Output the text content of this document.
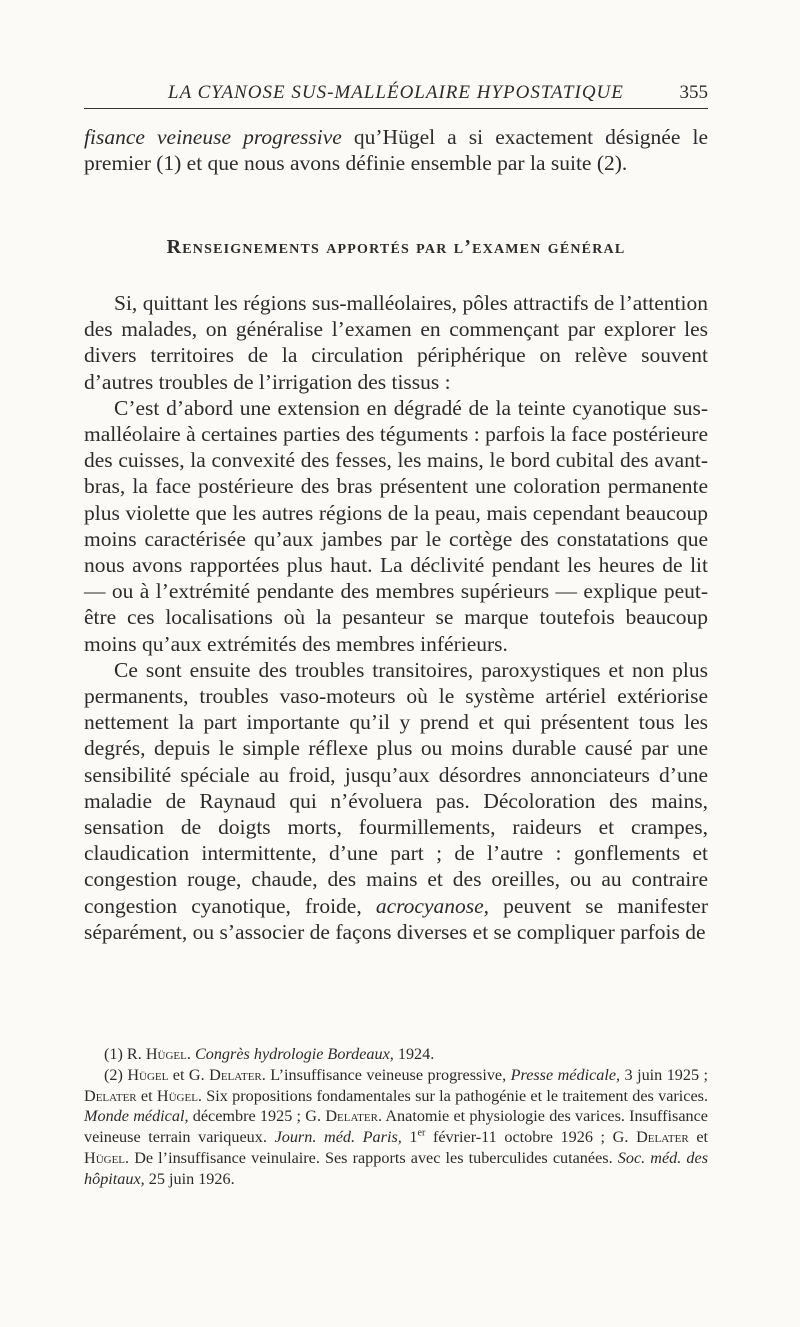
LA CYANOSE SUS-MALLÉOLAIRE HYPOSTATIQUE	355

fisance veineuse progressive qu’Hügel a si exactement désignée le premier (1) et que nous avons définie ensemble par la suite (2).

Renseignements apportés par l’examen général

Si, quittant les régions sus-malléolaires, pôles attractifs de l’attention des malades, on généralise l’examen en commençant par explorer les divers territoires de la circulation périphérique on relève souvent d’autres troubles de l’irrigation des tissus :

C’est d’abord une extension en dégradé de la teinte cyanotique sus-malléolaire à certaines parties des téguments : parfois la face postérieure des cuisses, la convexité des fesses, les mains, le bord cubital des avant-bras, la face postérieure des bras présentent une coloration permanente plus violette que les autres régions de la peau, mais cependant beaucoup moins caractérisée qu’aux jambes par le cortège des constatations que nous avons rapportées plus haut. La déclivité pendant les heures de lit — ou à l’extrémité pendante des membres supérieurs — explique peut-être ces localisations où la pesanteur se marque toutefois beaucoup moins qu’aux extrémités des membres inférieurs.

Ce sont ensuite des troubles transitoires, paroxystiques et non plus permanents, troubles vaso-moteurs où le système artériel extériorise nettement la part importante qu’il y prend et qui présentent tous les degrés, depuis le simple réflexe plus ou moins durable causé par une sensibilité spéciale au froid, jusqu’aux désordres annonciateurs d’une maladie de Raynaud qui n’évoluera pas. Décoloration des mains, sensation de doigts morts, fourmillements, raideurs et crampes, claudication intermittente, d’une part ; de l’autre : gonflements et congestion rouge, chaude, des mains et des oreilles, ou au contraire congestion cyanotique, froide, acrocyanose, peuvent se manifester séparément, ou s’associer de façons diverses et se compliquer parfois de

(1) R. Hügel. Congrès hydrologie Bordeaux, 1924.

(2) Hügel et G. Delater. L’insuffisance veineuse progressive, Presse médicale, 3 juin 1925 ; Delater et Hügel. Six propositions fondamentales sur la pathogénie et le traitement des varices. Monde médical, décembre 1925 ; G. Delater. Anatomie et physiologie des varices. Insuffisance veineuse terrain variqueux. Journ. méd. Paris, 1er février-11 octobre 1926 ; G. Delater et Hügel. De l’insuffisance veinulaire. Ses rapports avec les tuberculides cutanées. Soc. méd. des hôpitaux, 25 juin 1926.
